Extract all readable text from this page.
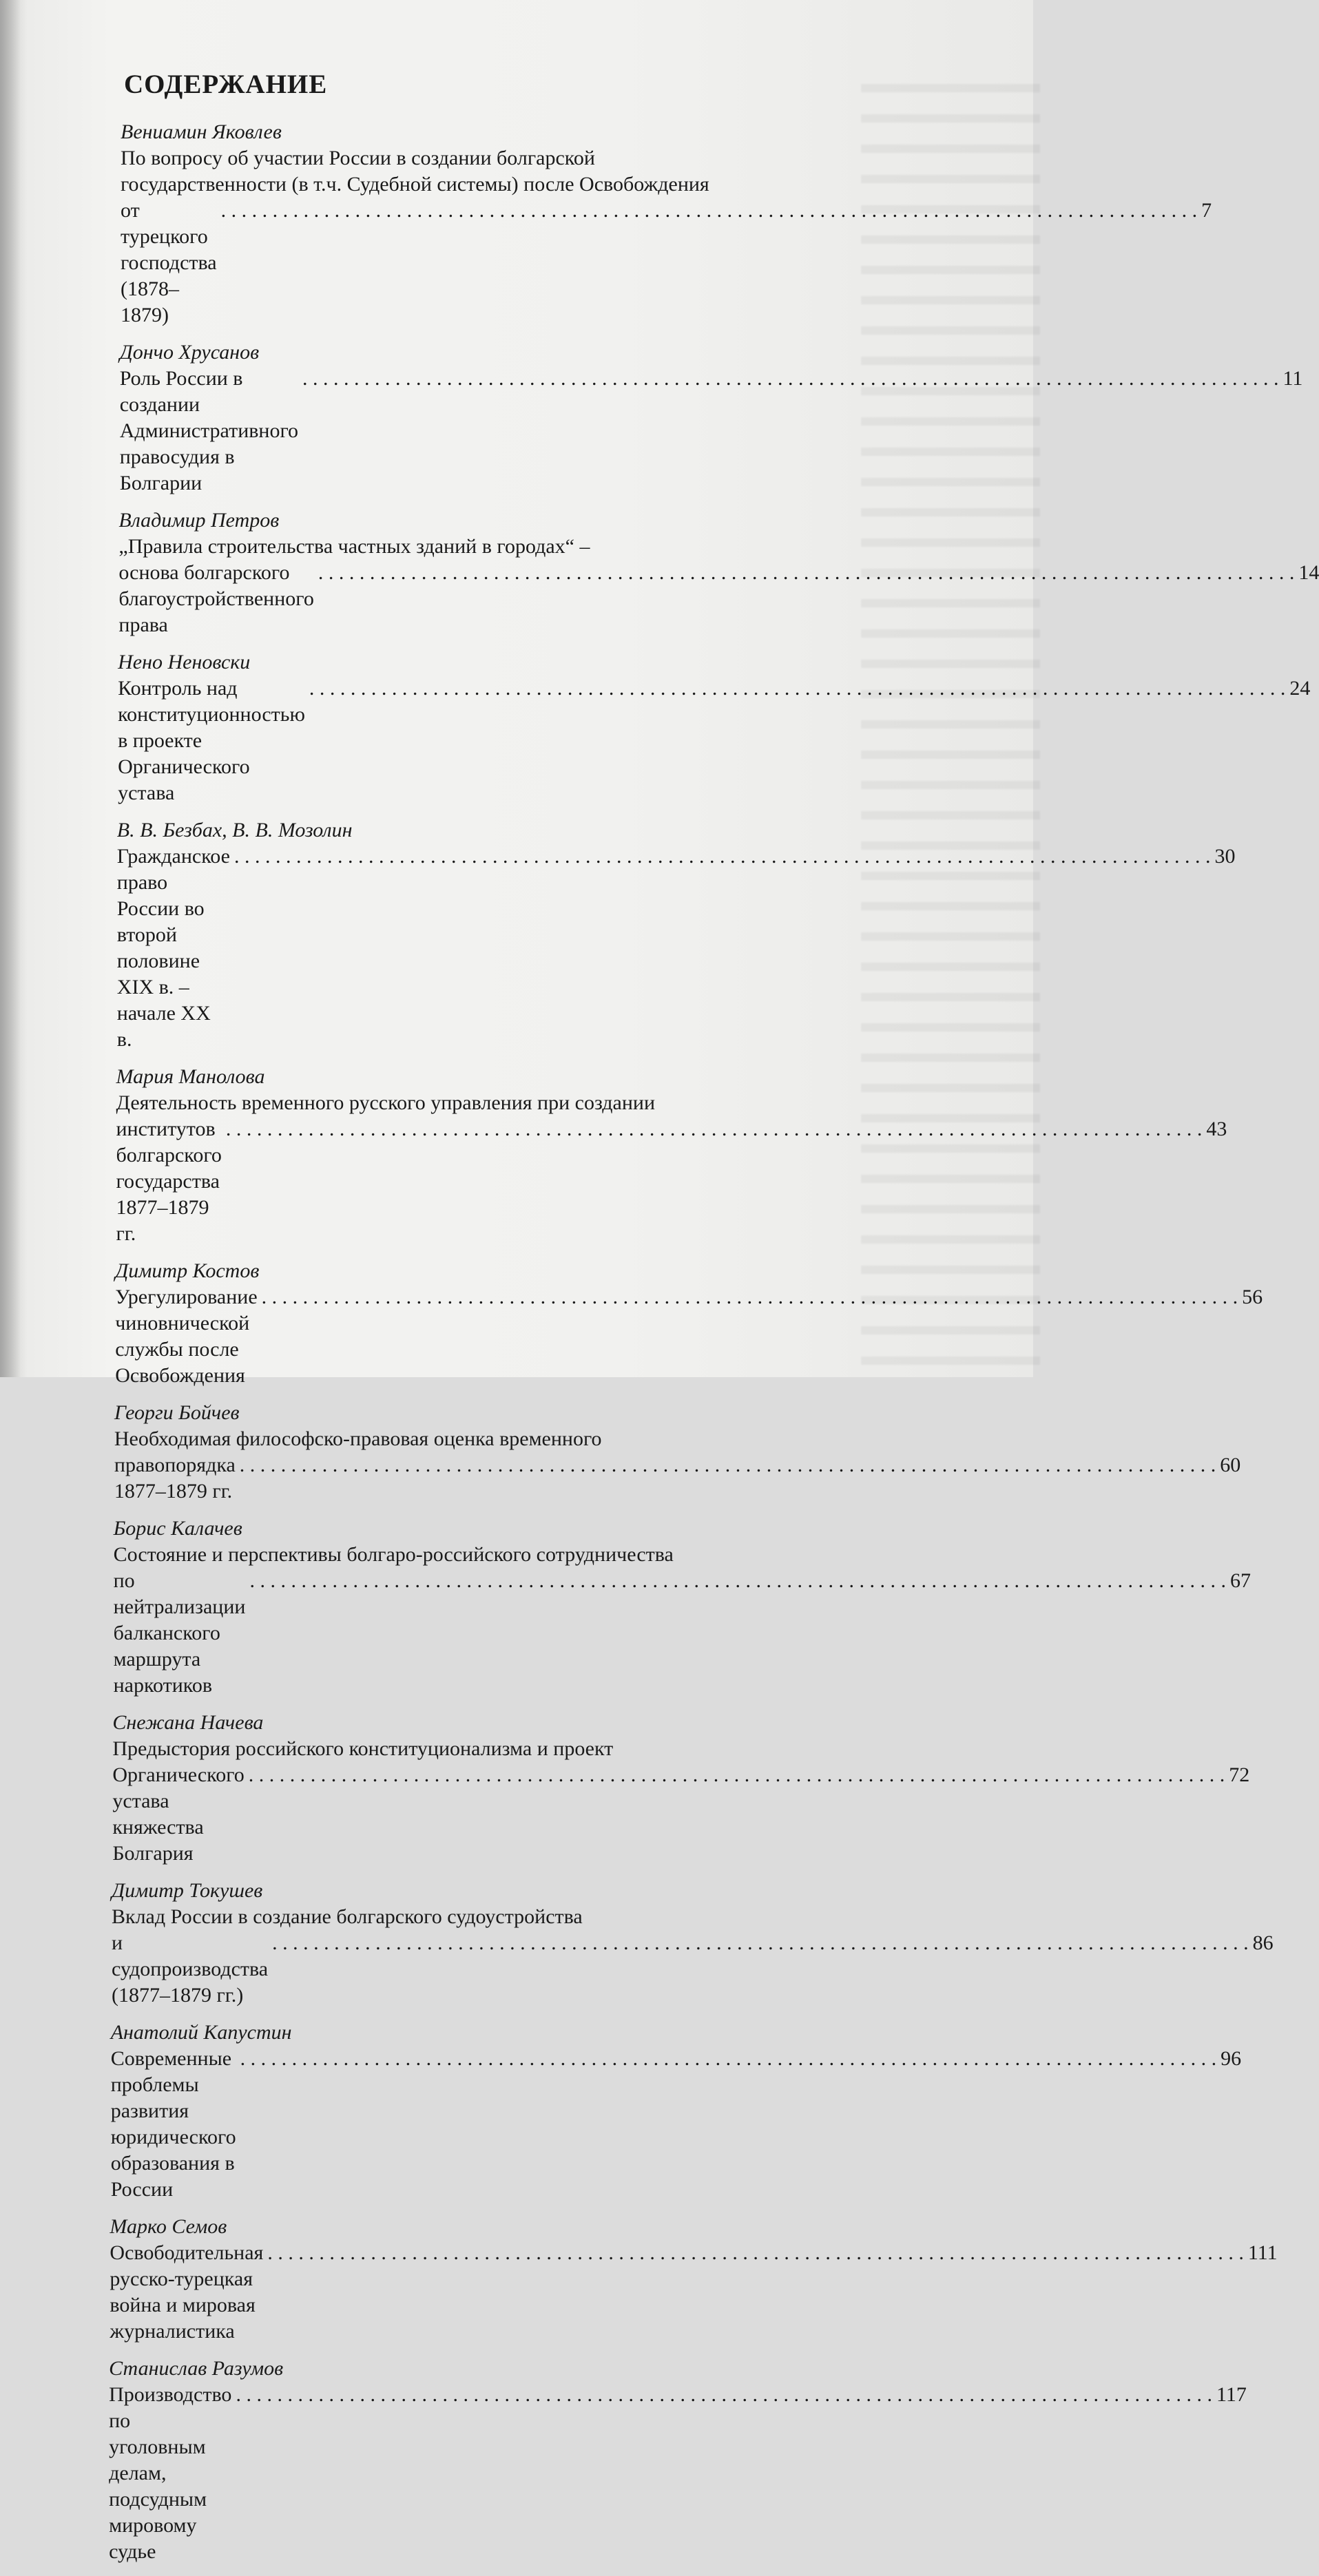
СОДЕРЖАНИЕ
Вениамин Яковлев
По вопросу об участии России в создании болгарской
государственности (в т.ч. Судебной системы) после Освобождения
от турецкого господства (1878–1879)
. . .
7
Дончо Хрусанов
Роль России в создании Административного правосудия в Болгарии
. . .
11
Владимир Петров
„Правила строительства частных зданий в городах“ –
основа болгарского благоустройственного права
. . .
14
Нено Неновски
Контроль над конституционностью в проекте Органического устава
. . .
24
В. В. Безбах, В. В. Мозолин
Гражданское право России во второй половине XIX в. – начале XX в.
. . .
30
Мария Манолова
Деятельность временного русского управления при создании
институтов болгарского государства 1877–1879 гг.
. . .
43
Димитр Костов
Урегулирование чиновнической службы после Освобождения
. . .
56
Георги Бойчев
Необходимая философско-правовая оценка временного
правопорядка 1877–1879 гг.
. . .
60
Борис Калачев
Состояние и перспективы болгаро-российского сотрудничества
по нейтрализации балканского маршрута наркотиков
. . .
67
Снежана Начева
Предыстория российского конституционализма и проект
Органического устава княжества Болгария
. . .
72
Димитр Токушев
Вклад России в создание болгарского судоустройства
и судопроизводства (1877–1879 гг.)
. . .
86
Анатолий Капустин
Современные проблемы развития юридического образования в России
. . .
96
Марко Семов
Освободительная русско-турецкая война и мировая журналистика
. . .
111
Станислав Разумов
Производство по уголовным делам, подсудным мировому судье
. . .
117
